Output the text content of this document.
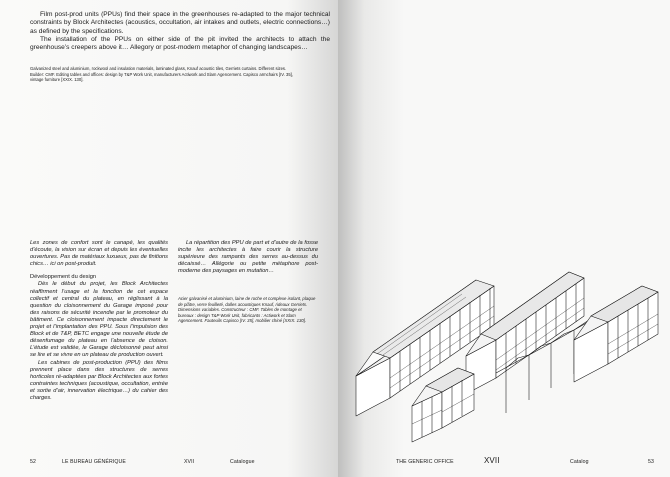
Film post-prod units (PPUs) find their space in the greenhouses re-adapted to the major technical constraints by Block Architectes (acoustics, occultation, air intakes and outlets, electric connections…) as defined by the specifications.

The installation of the PPUs on either side of the pit invited the architects to attach the greenhouse’s creepers above it… Allegory or post-modern metaphor of changing landscapes…

Galvanized steel and aluminium, rockwool and insulation materials, laminated glass, Knauf acoustic tiles, Gerriets curtains. Different sizes. Builder: CMF. Editing tables and offices: design by T&P Work Unit, manufacturers Actiwork and Slam Agencement. Capisco armchairs [IV. 35], vintage furniture [XXIX. 130].

Les zones de confort sont le canapé, les qualités d’écoute, la vision sur écran et depuis les éventuelles ouvertures. Pas de matériaux luxueux, pas de finitions chics… ici on post-produit.

Développement du design

Dès le début du projet, les Block Architectes réaffirment l’usage et la fonction de cet espace collectif et central du plateau, en réglissant à la question du cloisonnement du Garage imposé pour des raisons de sécurité incendie par le promoteur du bâtiment. Ce cloisonnement impacte directement le projet et l’implantation des PPU. Sous l’impulsion des Block et de T&P, BETC engage une nouvelle étude de désenfumage du plateau en l’absence de cloison. L’étude est validée, le Garage décloisonné peut ainsi se lire et se vivre en un plateau de production ouvert.

Les cabines de post-production (PPU) des films prennent place dans des structures de serres horticoles ré-adaptées par Block Architectes aux fortes contraintes techniques (acoustique, occultation, entrée et sortie d’air, innervation électrique…) du cahier des charges.

La répartition des PPU de part et d’autre de la fosse incite les architectes à faire courir la structure supérieure des rampants des serres au-dessus du décaissé… Allégorie ou petite métaphore post-moderne des paysages en mutation…

Acier galvanisé et aluminium, laine de roche et complexe isolant, plaque de plâtre, verre feuilleté, dalles acoustiques Knauf, rideaux Gerriets. Dimensions variables. Constructeur : CMF. Tables de montage et bureaux : design T&P Work Unit, fabricants : Actiwork et Slam Agencement. Fauteuils Capisco [IV. 35], mobilier chiné [XXIX. 130].
52	LE BUREAU GÉNÉRIQUE	XVII	Catalogue	THE GENERIC OFFICE	XVII	Catalog	53
